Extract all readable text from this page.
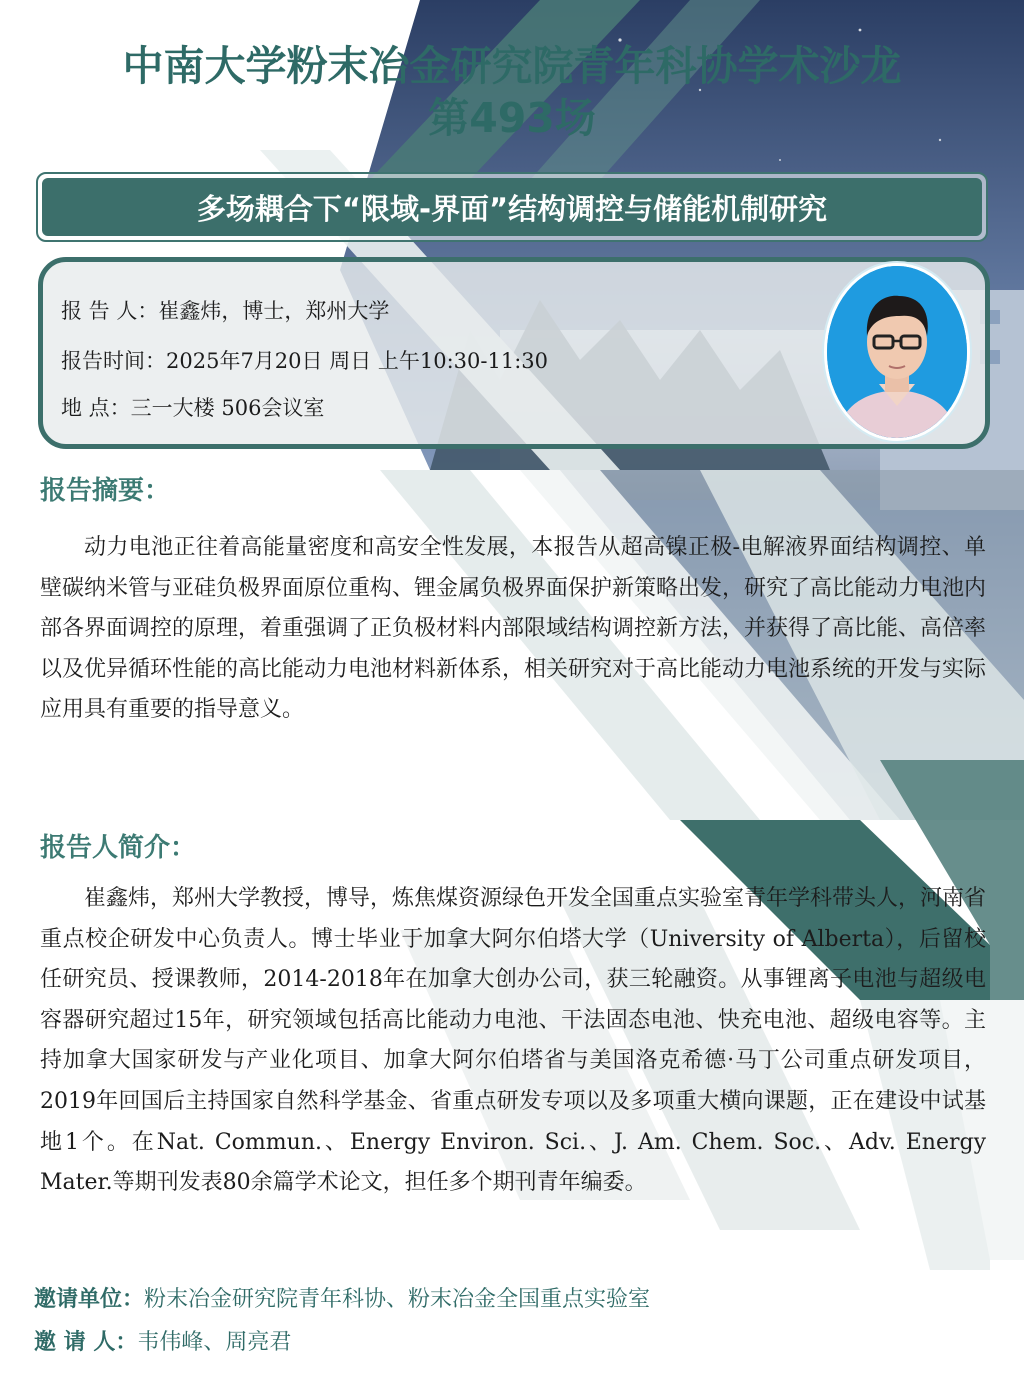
中南大学粉末冶金研究院青年科协学术沙龙
第493场
多场耦合下“限域-界面”结构调控与储能机制研究
报 告 人：崔鑫炜，博士，郑州大学
报告时间：2025年7月20日 周日 上午10:30-11:30
地 点：三一大楼 506会议室
报告摘要：

动力电池正往着高能量密度和高安全性发展，本报告从超高镍正极-电解液界面结构调控、单壁碳纳米管与亚硅负极界面原位重构、锂金属负极界面保护新策略出发，研究了高比能动力电池内部各界面调控的原理，着重强调了正负极材料内部限域结构调控新方法，并获得了高比能、高倍率以及优异循环性能的高比能动力电池材料新体系，相关研究对于高比能动力电池系统的开发与实际应用具有重要的指导意义。

报告人简介：

崔鑫炜，郑州大学教授，博导，炼焦煤资源绿色开发全国重点实验室青年学科带头人，河南省重点校企研发中心负责人。博士毕业于加拿大阿尔伯塔大学（University of Alberta），后留校任研究员、授课教师，2014-2018年在加拿大创办公司，获三轮融资。从事锂离子电池与超级电容器研究超过15年，研究领域包括高比能动力电池、干法固态电池、快充电池、超级电容等。主持加拿大国家研发与产业化项目、加拿大阿尔伯塔省与美国洛克希德·马丁公司重点研发项目，2019年回国后主持国家自然科学基金、省重点研发专项以及多项重大横向课题，正在建设中试基地1个。在Nat. Commun.、Energy Environ. Sci.、J. Am. Chem. Soc.、Adv. Energy Mater.等期刊发表80余篇学术论文，担任多个期刊青年编委。

邀请单位：粉末冶金研究院青年科协、粉末冶金全国重点实验室
邀 请 人：韦伟峰、周亮君
